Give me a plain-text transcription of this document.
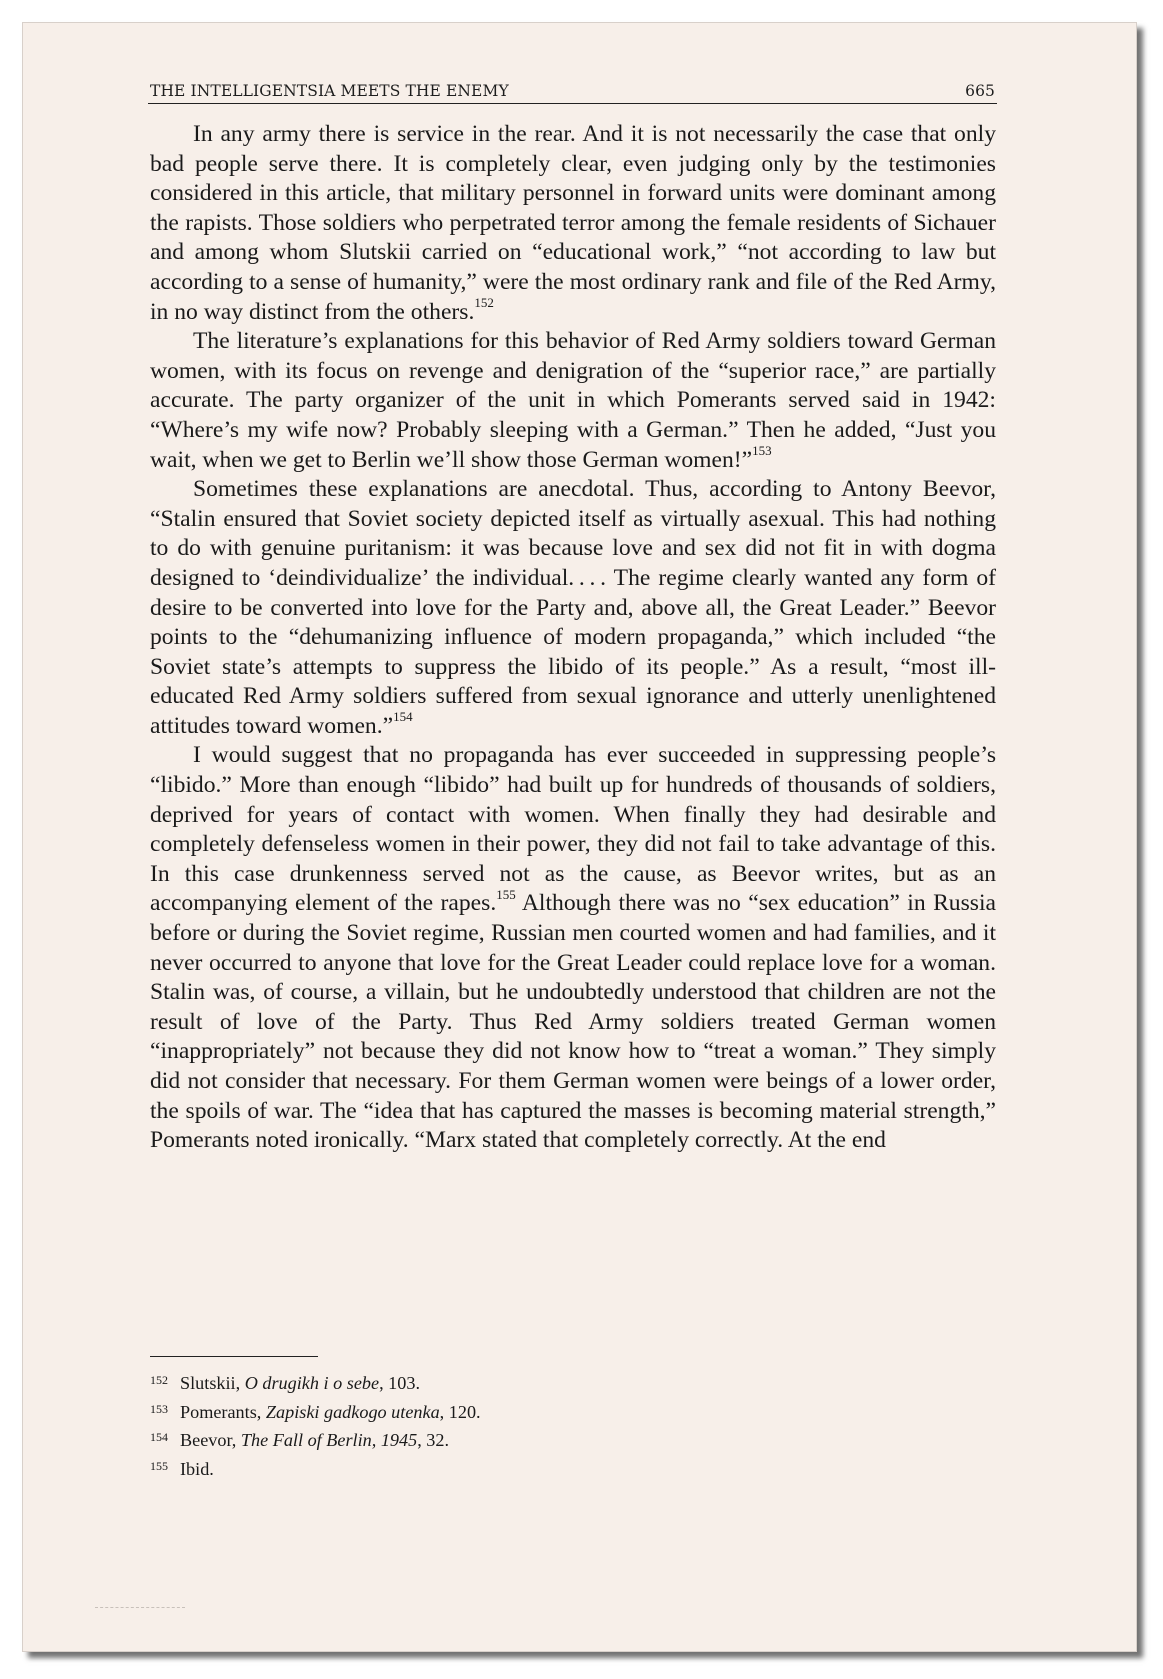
THE INTELLIGENTSIA MEETS THE ENEMY	665

In any army there is service in the rear. And it is not necessarily the case that only bad people serve there. It is completely clear, even judging only by the testimonies considered in this article, that military personnel in forward units were dominant among the rapists. Those soldiers who perpetrated terror among the female residents of Sichauer and among whom Slutskii carried on “educational work,” “not according to law but according to a sense of humanity,” were the most ordinary rank and file of the Red Army, in no way distinct from the others.$^{152}$

The literature’s explanations for this behavior of Red Army soldiers toward German women, with its focus on revenge and denigration of the “superior race,” are partially accurate. The party organizer of the unit in which Pomerants served said in 1942: “Where’s my wife now? Probably sleeping with a German.” Then he added, “Just you wait, when we get to Berlin we’ll show those German women!”$^{153}$

Sometimes these explanations are anecdotal. Thus, according to Antony Beevor, “Stalin ensured that Soviet society depicted itself as virtually asexual. This had nothing to do with genuine puritanism: it was because love and sex did not fit in with dogma designed to ‘deindividualize’ the individual. . . . The regime clearly wanted any form of desire to be converted into love for the Party and, above all, the Great Leader.” Beevor points to the “dehumanizing influence of modern propaganda,” which included “the Soviet state’s attempts to suppress the libido of its people.” As a result, “most ill-educated Red Army soldiers suffered from sexual ignorance and utterly unenlightened attitudes toward women.”$^{154}$

I would suggest that no propaganda has ever succeeded in suppressing people’s “libido.” More than enough “libido” had built up for hundreds of thousands of soldiers, deprived for years of contact with women. When finally they had desirable and completely defenseless women in their power, they did not fail to take advantage of this. In this case drunkenness served not as the cause, as Beevor writes, but as an accompanying element of the rapes.$^{155}$ Although there was no “sex education” in Russia before or during the Soviet regime, Russian men courted women and had families, and it never occurred to anyone that love for the Great Leader could replace love for a woman. Stalin was, of course, a villain, but he undoubtedly understood that children are not the result of love of the Party. Thus Red Army soldiers treated German women “inappropriately” not because they did not know how to “treat a woman.” They simply did not consider that necessary. For them German women were beings of a lower order, the spoils of war. The “idea that has captured the masses is becoming material strength,” Pomerants noted ironically. “Marx stated that completely correctly. At the end

152 Slutskii, O drugikh i o sebe, 103.
153 Pomerants, Zapiski gadkogo utenka, 120.
154 Beevor, The Fall of Berlin, 1945, 32.
155 Ibid.
